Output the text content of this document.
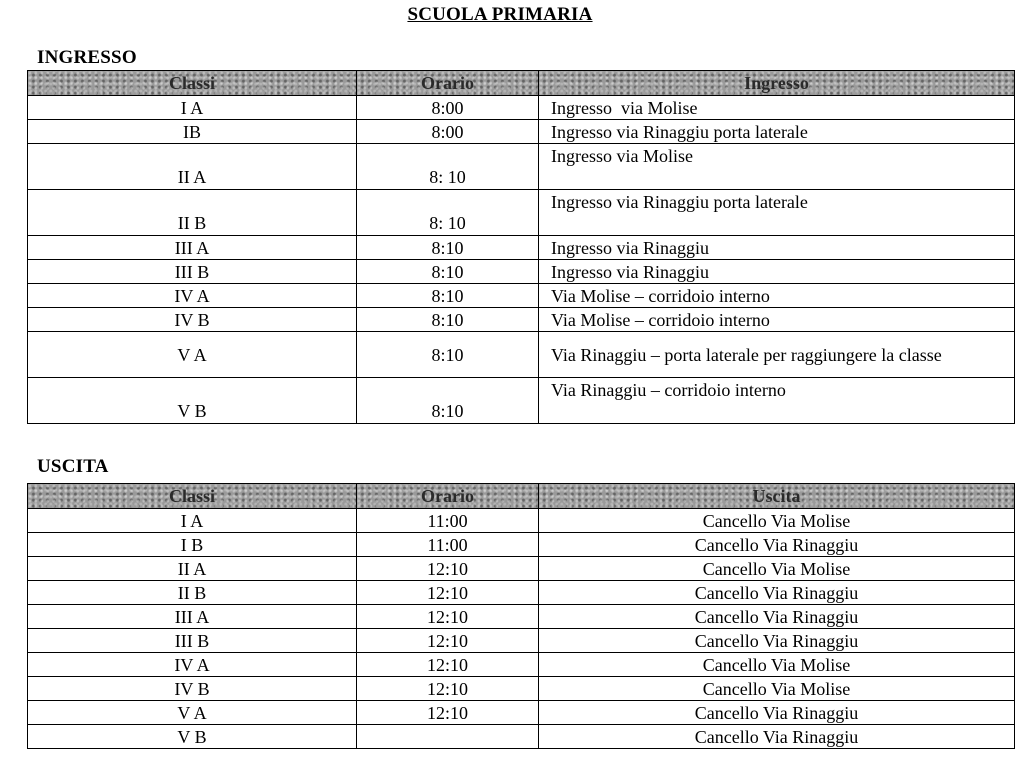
SCUOLA PRIMARIA
INGRESSO
Classi	Orario	Ingresso
I A	8:00	Ingresso  via Molise
IB	8:00	Ingresso via Rinaggiu porta laterale
II A	8: 10	Ingresso via Molise
II B	8: 10	Ingresso via Rinaggiu porta laterale
III A	8:10	Ingresso via Rinaggiu
III B	8:10	Ingresso via Rinaggiu
IV A	8:10	Via Molise – corridoio interno
IV B	8:10	Via Molise – corridoio interno
V A	8:10	Via Rinaggiu – porta laterale per raggiungere la classe
V B	8:10	Via Rinaggiu – corridoio interno
USCITA
Classi	Orario	Uscita
I A	11:00	Cancello Via Molise
I B	11:00	Cancello Via Rinaggiu
II A	12:10	Cancello Via Molise
II B	12:10	Cancello Via Rinaggiu
III A	12:10	Cancello Via Rinaggiu
III B	12:10	Cancello Via Rinaggiu
IV A	12:10	Cancello Via Molise
IV B	12:10	Cancello Via Molise
V A	12:10	Cancello Via Rinaggiu
V B		Cancello Via Rinaggiu
